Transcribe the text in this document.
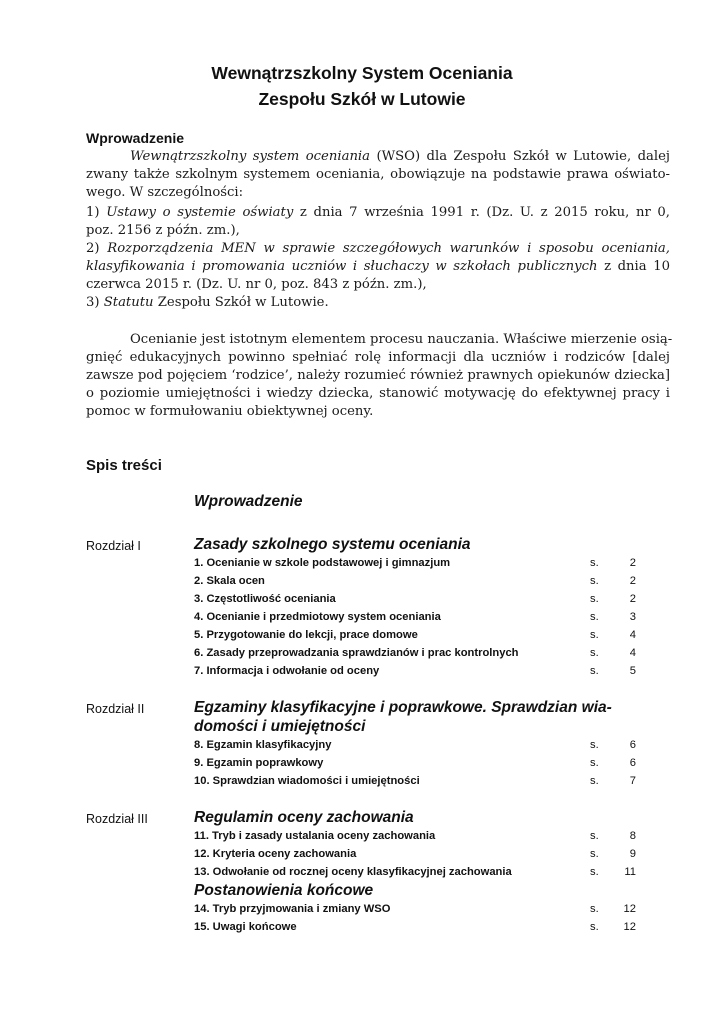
Wewnątrzszkolny System Oceniania
Zespołu Szkół w Lutowie
Wprowadzenie
Wewnątrzszkolny system oceniania (WSO) dla Zespołu Szkół w Lutowie, dalej
zwany także szkolnym systemem oceniania, obowiązuje na podstawie prawa oświato-
wego. W szczególności:
1) Ustawy o systemie oświaty z dnia 7 września 1991 r. (Dz. U. z 2015 roku, nr 0,
poz. 2156 z późn. zm.),
2) Rozporządzenia MEN w sprawie szczegółowych warunków i sposobu oceniania,
klasyfikowania i promowania uczniów i słuchaczy w szkołach publicznych z dnia 10
czerwca 2015 r. (Dz. U. nr 0, poz. 843 z późn. zm.),
3) Statutu Zespołu Szkół w Lutowie.
Ocenianie jest istotnym elementem procesu nauczania. Właściwe mierzenie osią-
gnięć edukacyjnych powinno spełniać rolę informacji dla uczniów i rodziców [dalej
zawsze pod pojęciem ‘rodzice’, należy rozumieć również prawnych opiekunów dziecka]
o poziomie umiejętności i wiedzy dziecka, stanowić motywację do efektywnej pracy i
pomoc w formułowaniu obiektywnej oceny.
Spis treści
Wprowadzenie
Rozdział I	Zasady szkolnego systemu oceniania
1. Ocenianie w szkole podstawowej i gimnazjum	s.	2
2. Skala ocen	s.	2
3. Częstotliwość oceniania	s.	2
4. Ocenianie i przedmiotowy system oceniania	s.	3
5. Przygotowanie do lekcji, prace domowe	s.	4
6. Zasady przeprowadzania sprawdzianów i prac kontrolnych	s.	4
7. Informacja i odwołanie od oceny	s.	5
Rozdział II	Egzaminy klasyfikacyjne i poprawkowe. Sprawdzian wia-
domości i umiejętności
8. Egzamin klasyfikacyjny	s.	6
9. Egzamin poprawkowy	s.	6
10. Sprawdzian wiadomości i umiejętności	s.	7
Rozdział III	Regulamin oceny zachowania
11. Tryb i zasady ustalania oceny zachowania	s.	8
12. Kryteria oceny zachowania	s.	9
13. Odwołanie od rocznej oceny klasyfikacyjnej zachowania	s. 11
Postanowienia końcowe
14. Tryb przyjmowania i zmiany WSO	s. 12
15. Uwagi końcowe	s. 12
